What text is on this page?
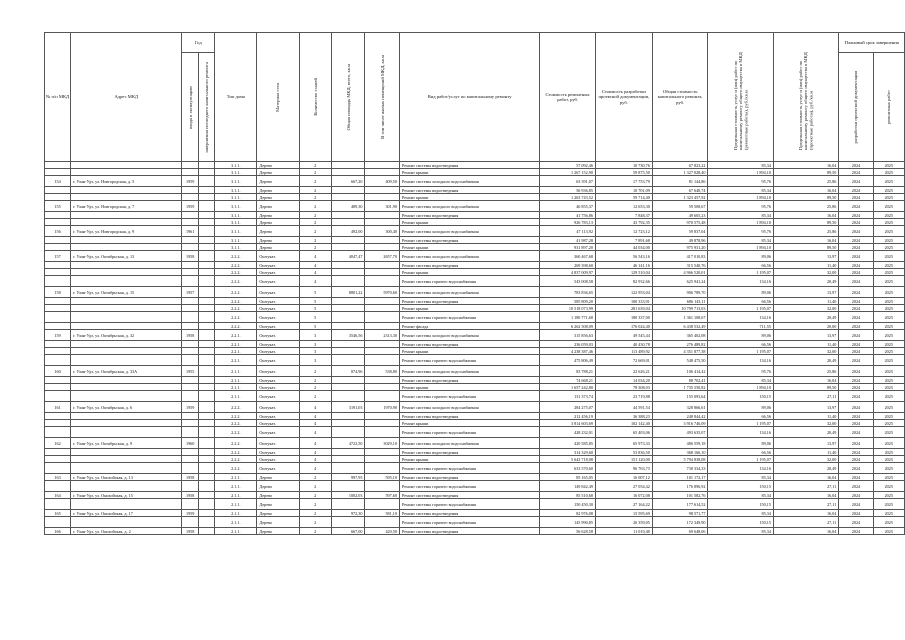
№ п/п МКД	Адрес МКД	Год		Тип дома	Материал стен	Количество этажей	Общая площадь МКД, всего, кв.м	В том числе жилых помещений МКД, кв.м	Вид работ/услуг по капитальному ремонту	Стоимость ремонтных работ, руб.	Стоимость разработки проектной документации, руб.	Общая стоимость капитального ремонта, руб.	Предельная стоимость услуг и (или) работ по капитальному ремонту общего имущества в МКД (ремонтные работы), руб./кв.м	Предельная стоимость услуг и (или) работ по капитальному ремонту общего имущества в МКД (проектные работы), руб./кв.м	Плановый срок завершения	

		ввода в эксплуатацию	завершения последнего капитального ремонта												разработки проектной документации	ремонтных работ

				3.1.1.	Дерево	2			Ремонт системы водоотведения	57 092,46	10 730,76	67 823,22	85,34	16,04	2024	2025
				3.1.1.	Дерево	2			Ремонт крыши	1 267 152,90	59 875,50	1 327 028,40	1 894,10	89,50	2024	2025
154	г. Улан-Удэ, ул. Новгородская, д. 5	1959		3.1.1.	Дерево	2	667,20	409,50	Ремонт системы холодного водоснабжения	63 391,07	17 753,79	81 144,86	95,76	25,86	2024	2025
				3.1.1.	Дерево	2			Ремонт системы водоотведения	56 936,85	10 701,09	67 640,74	85,34	16,04	2024	2025
				3.1.1.	Дерево	2			Ремонт крыши	1 263 743,52	59 714,40	1 323 457,92	1 894,10	89,50	2024	2025
155	г. Улан-Удэ, ул. Новгородская, д. 7	1959		3.1.1.	Дерево	2	489,30	301,90	Ремонт системы холодного водоснабжения	46 855,37	12 653,30	59 508,67	95,76	25,86	2024	2025
				3.1.1.	Дерево	2			Ремонт системы водоотведения	41 756,86	7 848,37	49 605,23	85,34	16,04	2024	2025
				3.1.1.	Дерево	2			Ремонт крыши	926 783,13	43 792,35	970 575,48	1 894,10	89,50	2024	2025
156	г. Улан-Удэ, ул. Новгородская, д. 9	1961		3.1.1.	Дерево	2	492,00	300,40	Ремонт системы холодного водоснабжения	47 113,92	12 723,12	59 837,04	95,76	25,86	2024	2025
				3.1.1.	Дерево	2			Ремонт системы водоотведения	41 987,28	7 891,68	49 878,96	85,34	16,04	2024	2025
				3.1.1.	Дерево	2			Ремонт крыши	931 897,20	44 034,00	975 931,20	1 894,10	89,50	2024	2025
157	г. Улан-Удэ, ул. Октябрьская, д. 13	1958		2.2.2.	Оштукат.	4	4047,47	2657,70	Ремонт системы холодного водоснабжения	360 467,68	56 543,16	417 010,83	89,06	13,97	2024	2025
				2.2.2.	Оштукат.	4			Ремонт системы водоотведения	269 398,60	46 141,16	315 540,76	66,56	11,40	2024	2025
				2.2.2.	Оштукат.	4			Ремонт крыши	4 837 009,97	129 510,04	4 966 520,01	1 195,07	32,00	2024	2025
				2.2.2.	Оштукат.	4			Ремонт системы горячего водоснабжения	543 008,58	82 932,66	625 941,24	134,16	20,49	2024	2025
158	г. Улан-Удэ, ул. Октябрьская, д. 15	1957		2.2.2.	Оштукат.	5	8801,22	5970,60	Ремонт системы холодного водоснабжения	783 836,65	122 953,04	906 789,70	89,06	13,97	2024	2025
				2.2.2.	Оштукат.	5			Ремонт системы водоотведения	585 809,20	100 333,91	686 143,11	66,56	11,40	2024	2025
				2.2.2.	Оштукат.	5			Ремонт крыши	10 518 073,99	281 639,04	10 799 713,03	1 195,07	32,00	2024	2025
				2.2.2.	Оштукат.	5			Ремонт системы горячего водоснабжения	1 180 771,68	180 337,00	1 361 108,67	134,16	20,49	2024	2025
				2.2.2.	Оштукат.	5			Ремонт фасада	6 262 508,09	176 024,40	6 438 532,49	711,55	20,00	2024	2025
159	г. Улан-Удэ, ул. Октябрьская, д. 32	1958		2.2.1.	Оштукат.	3	3546,56	2313,30	Ремонт системы холодного водоснабжения	315 856,63	49 545,44	365 402,08	89,06	13,97	2024	2025
				2.2.1.	Оштукат.	3			Ремонт системы водоотведения	236 059,03	40 430,78	276 489,82	66,56	11,40	2024	2025
				2.2.1.	Оштукат.	3			Ремонт крыши	4 238 387,46	113 489,92	4 351 877,38	1 195,07	32,00	2024	2025
				2.2.1.	Оштукат.	3			Ремонт системы горячего водоснабжения	475 806,49	72 669,01	548 475,50	134,16	20,49	2024	2025
160	г. Улан-Удэ, ул. Октябрьская, д. 33А	1955		2.1.1.	Оштукат.	2	874,96	538,80	Ремонт системы холодного водоснабжения	83 788,21	22 626,21	106 414,42	95,76	25,86	2024	2025
				2.1.1.	Оштукат.	2			Ремонт системы водоотведения	74 668,21	14 034,20	88 702,41	85,34	16,04	2024	2025
				2.1.1.	Оштукат.	2			Ремонт крыши	1 657 242,80	78 308,03	1 735 550,82	1 894,10	89,50	2024	2025
				2.1.1.	Оштукат.	2			Ремонт системы горячего водоснабжения	131 373,74	23 719,88	155 093,64	150,15	27,11	2024	2025
161	г. Улан-Удэ, ул. Октябрьская, д. 6	1959		2.2.2.	Оштукат.	4	3191,03	1970,90	Ремонт системы холодного водоснабжения	284 275,07	44 591,54	328 866,61	89,06	13,97	2024	2025
				2.2.2.	Оштукат.	4			Ремонт системы водоотведения	212 456,19	36 388,23	248 844,42	66,56	11,40	2024	2025
				2.2.2.	Оштукат.	4			Ремонт крыши	3 814 603,69	102 142,40	3 916 746,09	1 195,07	32,00	2024	2025
				2.2.2.	Оштукат.	4			Ремонт системы горячего водоснабжения	428 232,01	65 403,06	493 635,07	134,16	20,49	2024	2025
162	г. Улан-Удэ, ул. Октябрьская, д. 9	1960		2.2.2.	Оштукат.	4	4722,50	3029,10	Ремонт системы холодного водоснабжения	420 585,85	65 973,33	486 559,18	89,06	13,97	2024	2025
				2.2.2.	Оштукат.	4			Ремонт системы водоотведения	314 329,60	53 836,50	368 166,10	66,56	11,40	2024	2025
				2.2.2.	Оштукат.	4			Ремонт крыши	5 643 718,08	151 120,00	5 794 838,08	1 195,07	32,00	2024	2025
				2.2.2.	Оштукат.	4			Ремонт системы горячего водоснабжения	633 570,60	96 763,73	730 334,33	134,16	20,49	2024	2025
163	г. Улан-Удэ, ул. Онохойская, д. 13	1958		2.1.1.	Дерево	2	997,95	595,10	Ремонт системы водоотведения	85 165,05	16 007,12	101 172,17	85,34	16,04	2024	2025
				2.1.1.	Дерево	2			Ремонт системы горячего водоснабжения	149 842,49	27 054,42	176 896,92	150,15	27,11	2024	2025
164	г. Улан-Удэ, ул. Онохойская, д. 15	1958		2.1.1.	Дерево	2	1002,03	597,60	Ремонт системы водоотведения	85 510,68	16 072,08	101 582,76	85,34	16,04	2024	2025
				2.1.1.	Дерево	2			Ремонт системы горячего водоснабжения	150 450,30	27 164,22	177 614,52	150,15	27,11	2024	2025
165	г. Улан-Удэ, ул. Онохойская, д. 17	1959		2.1.1.	Дерево	2	972,30	581,10	Ремонт системы водоотведения	82 976,08	15 595,69	98 571,77	85,34	16,04	2024	2025
				2.1.1.	Дерево	2			Ремонт системы горячего водоснабжения	145 990,85	26 359,05	172 349,90	150,15	27,11	2024	2025
166	г. Улан-Удэ, ул. Онохойская, д. 2	1958		2.1.1.	Дерево	2	667,00	420,50	Ремонт системы водоотведения	56 628,58	11 019,48	69 648,06	85,34	16,04	2024	2025
